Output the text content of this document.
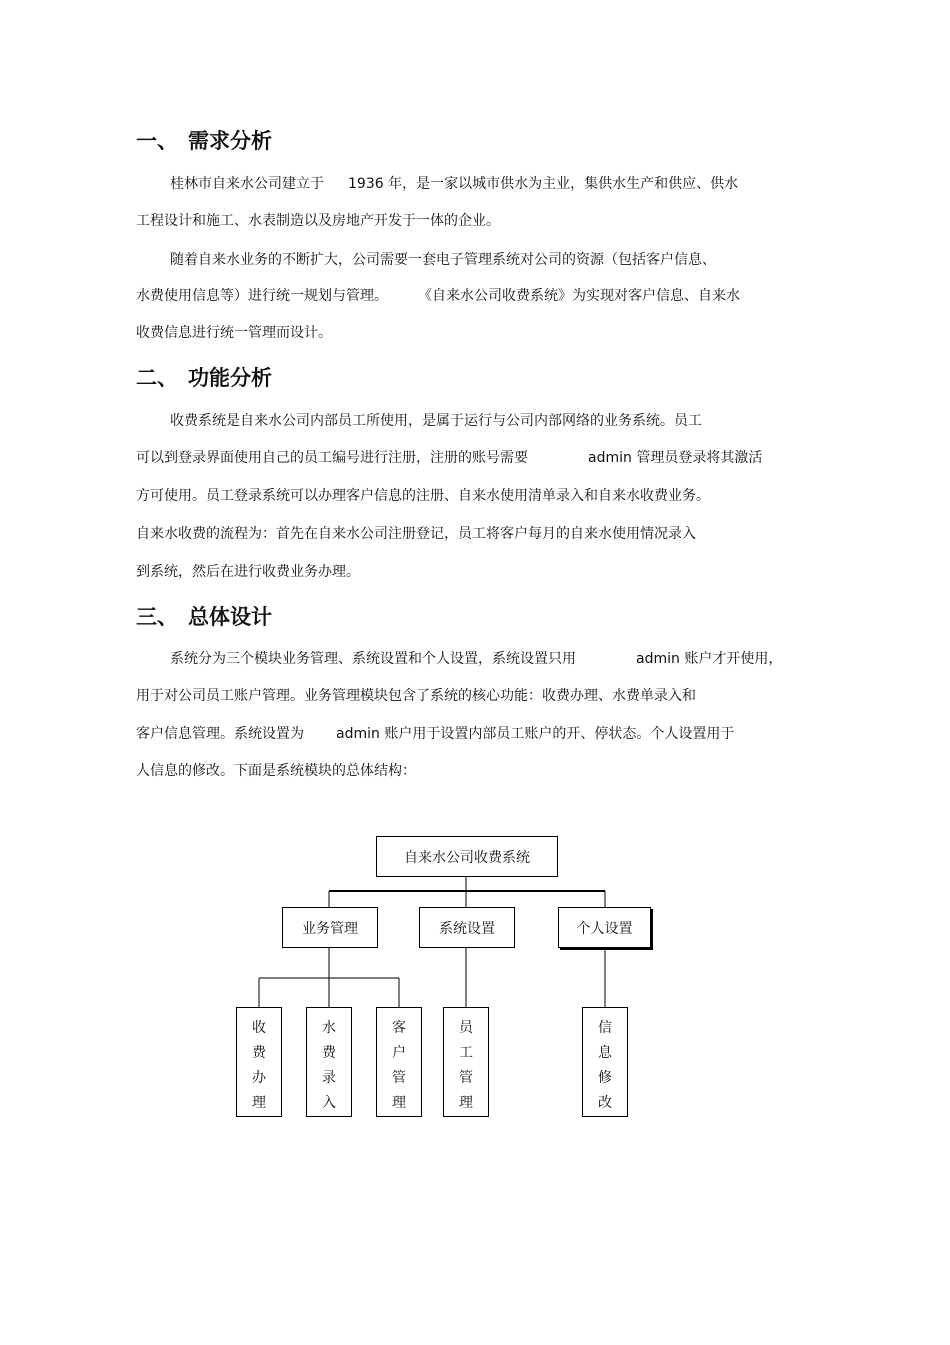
一、 需求分析

桂林市自来水公司建立于 1936 年，是一家以城市供水为主业，集供水生产和供应、供水

工程设计和施工、水表制造以及房地产开发于一体的企业。

随着自来水业务的不断扩大，公司需要一套电子管理系统对公司的资源（包括客户信息、

水费使用信息等）进行统一规划与管理。 《自来水公司收费系统》为实现对客户信息、自来水

收费信息进行统一管理而设计。

二、 功能分析

收费系统是自来水公司内部员工所使用，是属于运行与公司内部网络的业务系统。员工

可以到登录界面使用自己的员工编号进行注册，注册的账号需要	admin 管理员登录将其激活

方可使用。员工登录系统可以办理客户信息的注册、自来水使用清单录入和自来水收费业务。

自来水收费的流程为：首先在自来水公司注册登记，员工将客户每月的自来水使用情况录入

到系统，然后在进行收费业务办理。

三、 总体设计

系统分为三个模块业务管理、系统设置和个人设置，系统设置只用	admin 账户才开使用，

用于对公司员工账户管理。业务管理模块包含了系统的核心功能：收费办理、水费单录入和

客户信息管理。系统设置为 admin 账户用于设置内部员工账户的开、停状态。个人设置用于

人信息的修改。下面是系统模块的总体结构：

自来水公司收费系统
业务管理	系统设置	个人设置
收费办理
水费录入
客户管理
员工管理
信息修改
